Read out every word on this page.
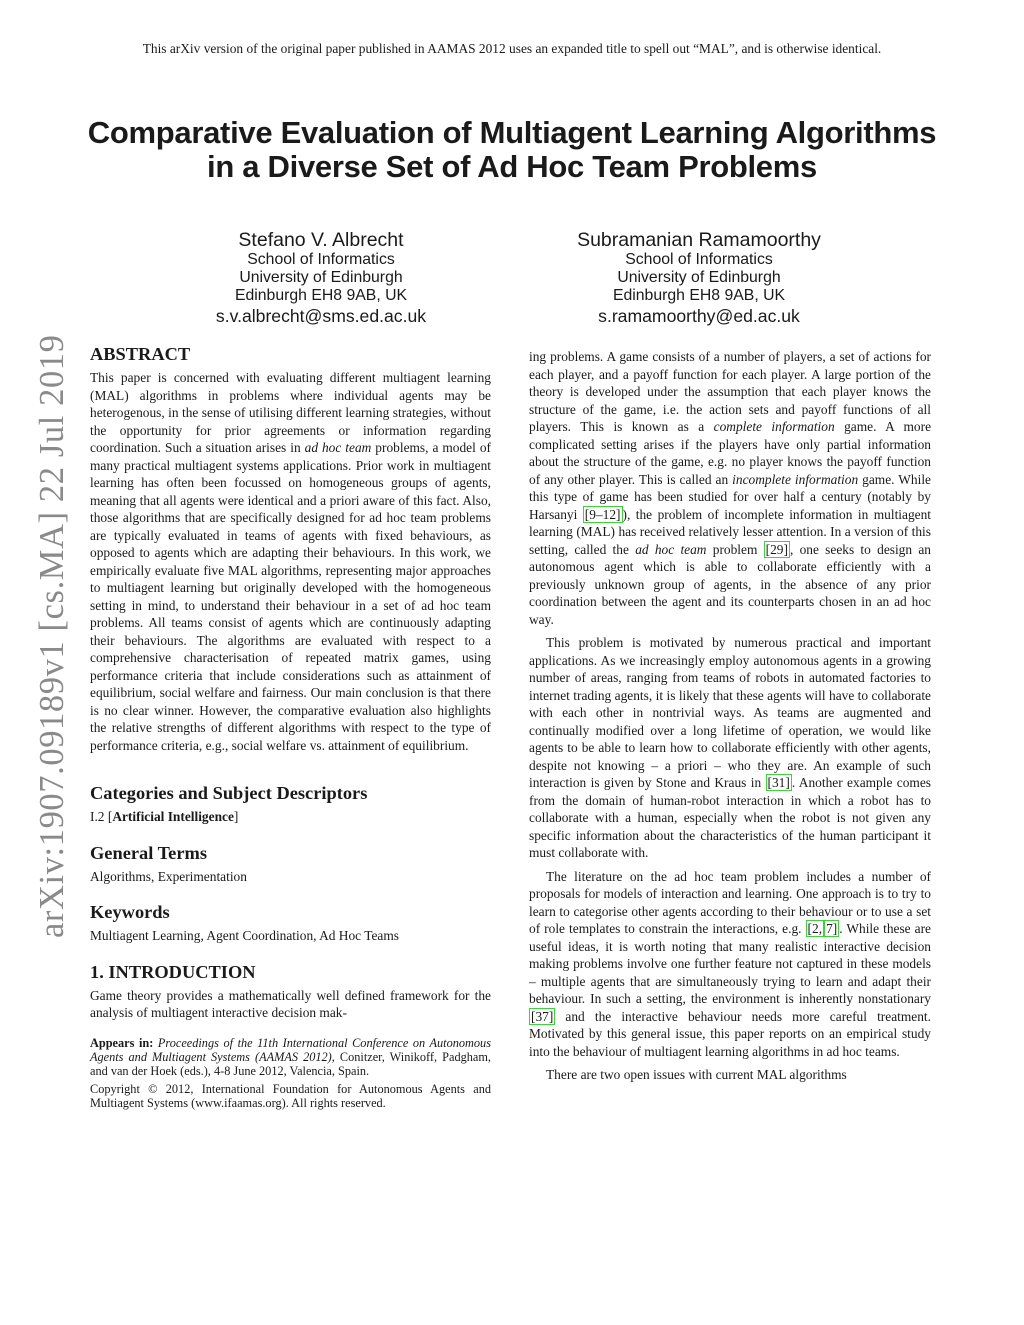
This arXiv version of the original paper published in AAMAS 2012 uses an expanded title to spell out “MAL”, and is otherwise identical.
Comparative Evaluation of Multiagent Learning Algorithms
in a Diverse Set of Ad Hoc Team Problems
Stefano V. Albrecht
School of Informatics
University of Edinburgh
Edinburgh EH8 9AB, UK
s.v.albrecht@sms.ed.ac.uk
Subramanian Ramamoorthy
School of Informatics
University of Edinburgh
Edinburgh EH8 9AB, UK
s.ramamoorthy@ed.ac.uk
arXiv:1907.09189v1 [cs.MA] 22 Jul 2019 ABSTRACT

This paper is concerned with evaluating different multiagent learning (MAL) algorithms in problems where individual agents may be heterogenous, in the sense of utilising different learning strategies, without the opportunity for prior agreements or information regarding coordination. Such a situation arises in ad hoc team problems, a model of many practical multiagent systems applications. Prior work in multiagent learning has often been focussed on homogeneous groups of agents, meaning that all agents were identical and a priori aware of this fact. Also, those algorithms that are specifically designed for ad hoc team problems are typically evaluated in teams of agents with fixed behaviours, as opposed to agents which are adapting their behaviours. In this work, we empirically evaluate five MAL algorithms, representing major approaches to multiagent learning but originally developed with the homogeneous setting in mind, to understand their behaviour in a set of ad hoc team problems. All teams consist of agents which are continuously adapting their behaviours. The algorithms are evaluated with respect to a comprehensive characterisation of repeated matrix games, using performance criteria that include considerations such as attainment of equilibrium, social welfare and fairness. Our main conclusion is that there is no clear winner. However, the comparative evaluation also highlights the relative strengths of different algorithms with respect to the type of performance criteria, e.g., social welfare vs. attainment of equilibrium.

Categories and Subject Descriptors

I.2 [Artificial Intelligence]

General Terms

Algorithms, Experimentation

Keywords

Multiagent Learning, Agent Coordination, Ad Hoc Teams

1. INTRODUCTION

Game theory provides a mathematically well defined framework for the analysis of multiagent interactive decision mak-

Appears in: Proceedings of the 11th International Conference on Autonomous Agents and Multiagent Systems (AAMAS 2012), Conitzer, Winikoff, Padgham, and van der Hoek (eds.), 4-8 June 2012, Valencia, Spain.

Copyright © 2012, International Foundation for Autonomous Agents and Multiagent Systems (www.ifaamas.org). All rights reserved.

ing problems. A game consists of a number of players, a set of actions for each player, and a payoff function for each player. A large portion of the theory is developed under the assumption that each player knows the structure of the game, i.e. the action sets and payoff functions of all players. This is known as a complete information game. A more complicated setting arises if the players have only partial information about the structure of the game, e.g. no player knows the payoff function of any other player. This is called an incomplete information game. While this type of game has been studied for over half a century (notably by Harsanyi [9–12] ), the problem of incomplete information in multiagent learning (MAL) has received relatively lesser attention. In a version of this setting, called the ad hoc team problem [29] , one seeks to design an autonomous agent which is able to collaborate efficiently with a previously unknown group of agents, in the absence of any prior coordination between the agent and its counterparts chosen in an ad hoc way.

This problem is motivated by numerous practical and important applications. As we increasingly employ autonomous agents in a growing number of areas, ranging from teams of robots in automated factories to internet trading agents, it is likely that these agents will have to collaborate with each other in nontrivial ways. As teams are augmented and continually modified over a long lifetime of operation, we would like agents to be able to learn how to collaborate efficiently with other agents, despite not knowing – a priori – who they are. An example of such interaction is given by Stone and Kraus in [31] . Another example comes from the domain of human-robot interaction in which a robot has to collaborate with a human, especially when the robot is not given any specific information about the characteristics of the human participant it must collaborate with.

The literature on the ad hoc team problem includes a number of proposals for models of interaction and learning. One approach is to try to learn to categorise other agents according to their behaviour or to use a set of role templates to constrain the interactions, e.g. [2, 7] . While these are useful ideas, it is worth noting that many realistic interactive decision making problems involve one further feature not captured in these models – multiple agents that are simultaneously trying to learn and adapt their behaviour. In such a setting, the environment is inherently nonstationary [37] and the interactive behaviour needs more careful treatment. Motivated by this general issue, this paper reports on an empirical study into the behaviour of multiagent learning algorithms in ad hoc teams.

There are two open issues with current MAL algorithms
